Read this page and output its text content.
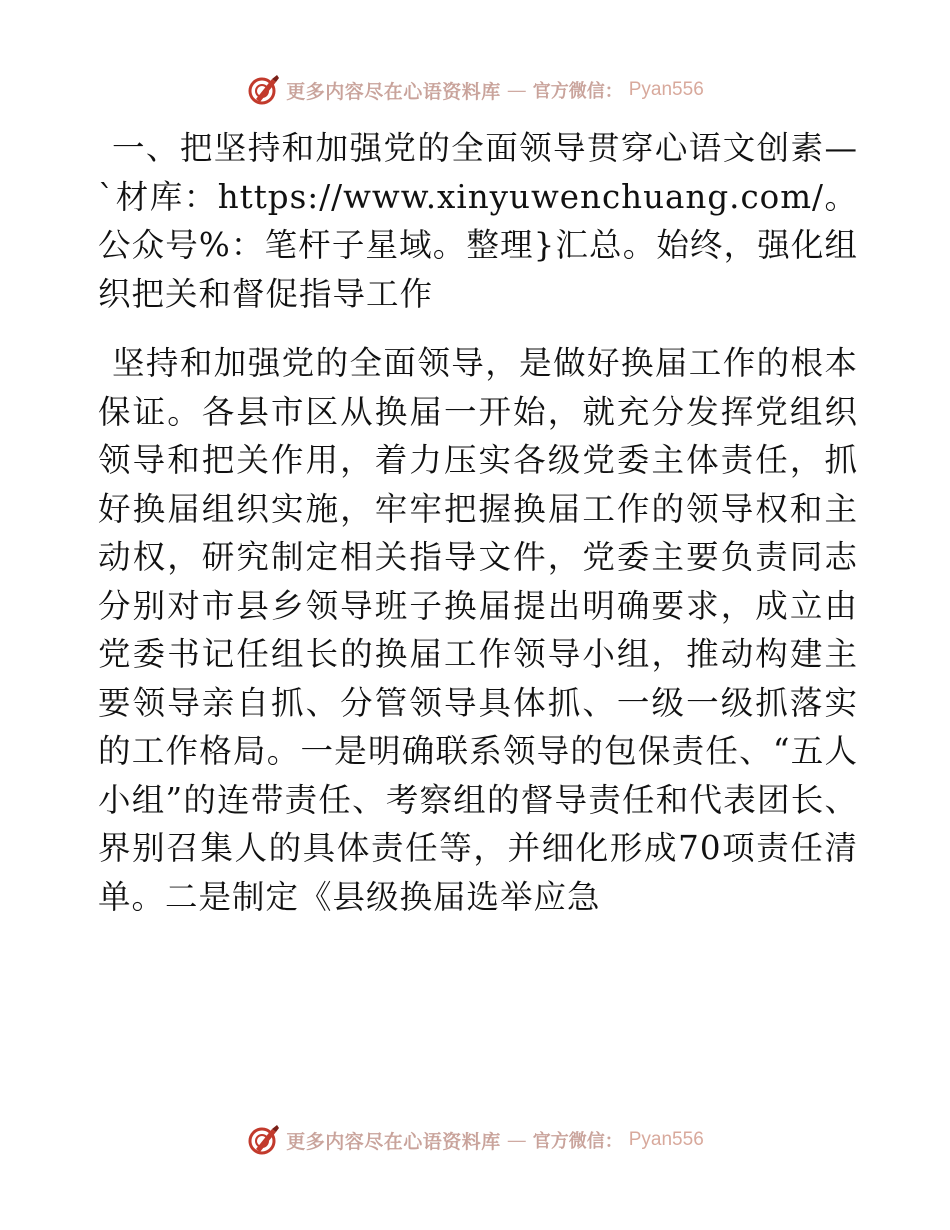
更多内容尽在心语资料库 — 官方微信： Pyan556

一、把坚持和加强党的全面领导贯穿心语文创素—`材库：https://www.xinyuwenchuang.com/。公众号%：笔杆子星域。整理}汇总。始终，强化组织把关和督促指导工作

坚持和加强党的全面领导，是做好换届工作的根本保证。各县市区从换届一开始，就充分发挥党组织领导和把关作用，着力压实各级党委主体责任，抓好换届组织实施，牢牢把握换届工作的领导权和主动权，研究制定相关指导文件，党委主要负责同志分别对市县乡领导班子换届提出明确要求，成立由党委书记任组长的换届工作领导小组，推动构建主要领导亲自抓、分管领导具体抓、一级一级抓落实的工作格局。一是明确联系领导的包保责任、“五人小组”的连带责任、考察组的督导责任和代表团长、界别召集人的具体责任等，并细化形成70项责任清单。二是制定《县级换届选举应急

更多内容尽在心语资料库 — 官方微信： Pyan556
